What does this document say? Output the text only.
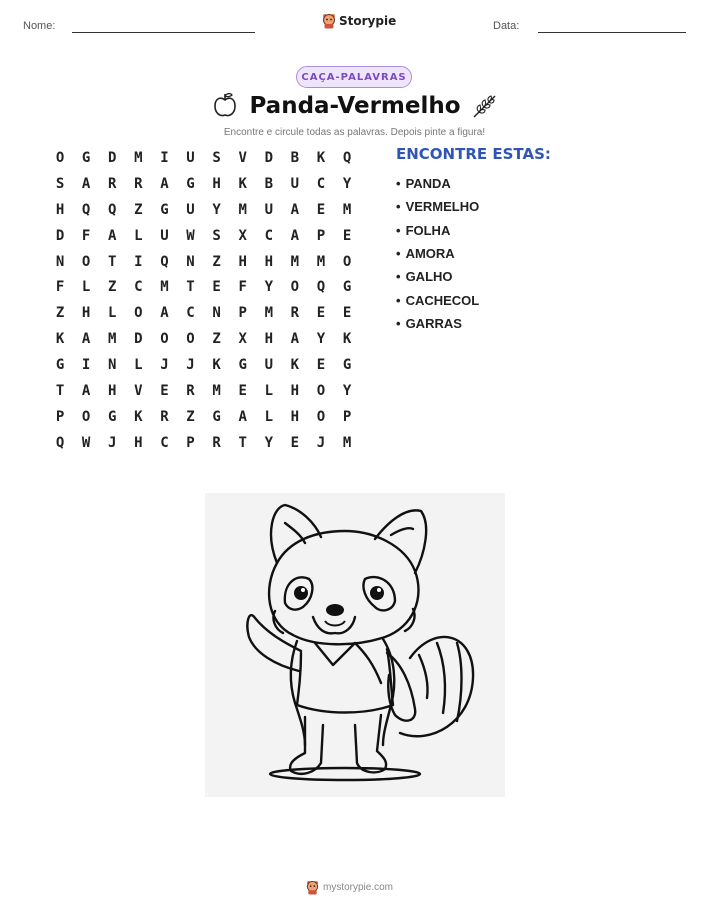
Nome:	Storypie	Data:
CAÇA-PALAVRAS
Panda-Vermelho
Encontre e circule todas as palavras. Depois pinte a figura!
O	G	D	M	I	U	S	V	D	B	K	Q
S	A	R	R	A	G	H	K	B	U	C	Y
H	Q	Q	Z	G	U	Y	M	U	A	E	M
D	F	A	L	U	W	S	X	C	A	P	E
N	O	T	I	Q	N	Z	H	H	M	M	O
F	L	Z	C	M	T	E	F	Y	O	Q	G
Z	H	L	O	A	C	N	P	M	R	E	E
K	A	M	D	O	O	Z	X	H	A	Y	K
G	I	N	L	J	J	K	G	U	K	E	G
T	A	H	V	E	R	M	E	L	H	O	Y
P	O	G	K	R	Z	G	A	L	H	O	P
Q	W	J	H	C	P	R	T	Y	E	J	M
ENCONTRE ESTAS:
• PANDA
• VERMELHO
• FOLHA
• AMORA
• GALHO
• CACHECOL
• GARRAS
mystorypie.com
